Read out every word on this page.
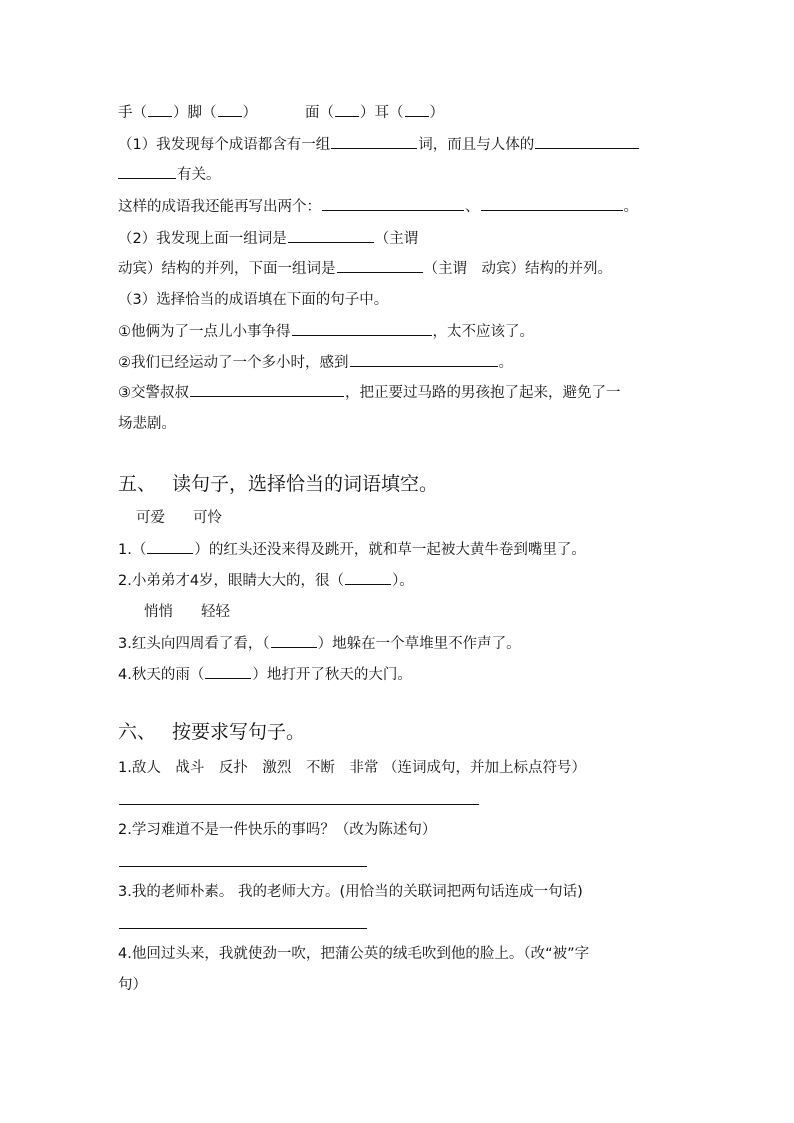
手（ ）脚（ ）	面（ ）耳（ ）
（1）我发现每个成语都含有一组	词，而且与人体的
有关。
这样的成语我还能再写出两个：	、	。
（2）我发现上面一组词是	（主谓
动宾）结构的并列，下面一组词是	（主谓　动宾）结构的并列。
（3）选择恰当的成语填在下面的句子中。
①他俩为了一点儿小事争得	，太不应该了。
②我们已经运动了一个多小时，感到	。
③交警叔叔	，把正要过马路的男孩抱了起来，避免了一
场悲剧。
五、 读句子，选择恰当的词语填空。
可爱 可怜
1.（	）的红头还没来得及跳开，就和草一起被大黄牛卷到嘴里了。
2.小弟弟才4岁，眼睛大大的，很（	）。
悄悄 轻轻
3.红头向四周看了看，（	）地躲在一个草堆里不作声了。
4.秋天的雨（	）地打开了秋天的大门。
六、 按要求写句子。
1.敌人　战斗　反扑　激烈　不断　非常 （连词成句，并加上标点符号）
2.学习难道不是一件快乐的事吗？（改为陈述句）
3.我的老师朴素。 我的老师大方。(用恰当的关联词把两句话连成一句话)
4.他回过头来，我就使劲一吹，把蒲公英的绒毛吹到他的脸上。（改“被”字
句）
